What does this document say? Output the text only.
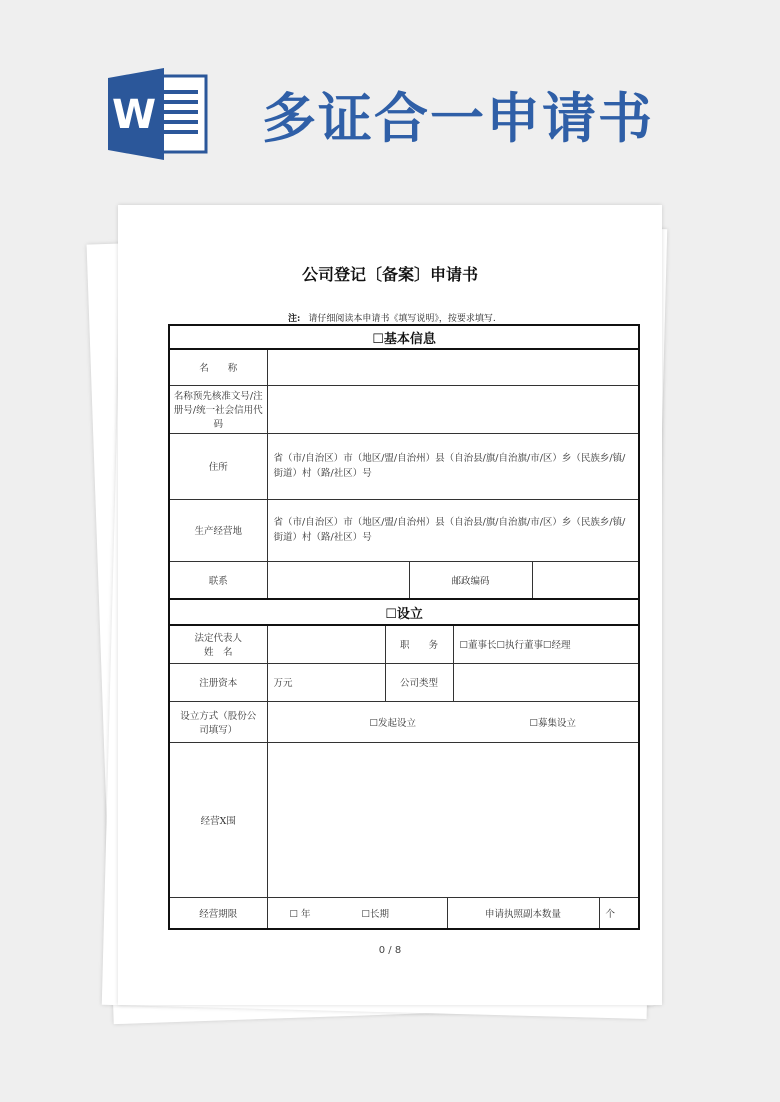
W 多证合一申请书
公司登记〔备案〕申请书
注: 请仔细阅读本申请书《填写说明》，按要求填写.
☐基本信息							
名　　称							
名称预先核准文号/注册号/统一社会信用代码							
住所	省（市/自治区）市（地区/盟/自治州）县（自治县/旗/自治旗/市/区）乡（民族乡/镇/街道）村（路/社区）号						
生产经营地	省（市/自治区）市（地区/盟/自治州）县（自治县/旗/自治旗/市/区）乡（民族乡/镇/街道）村（路/社区）号						
联系			邮政编码				
☐设立							
法定代表人姓　名		职　　务			☐董事长☐执行董事☐经理		
注册资本	万元	公司类型					
设立方式（股份公司填写）	☐发起设立 ☐募集设立						
经营X围							
经营期限	☐ 年 ☐长期			申请执照副本数量			个
0 / 8
